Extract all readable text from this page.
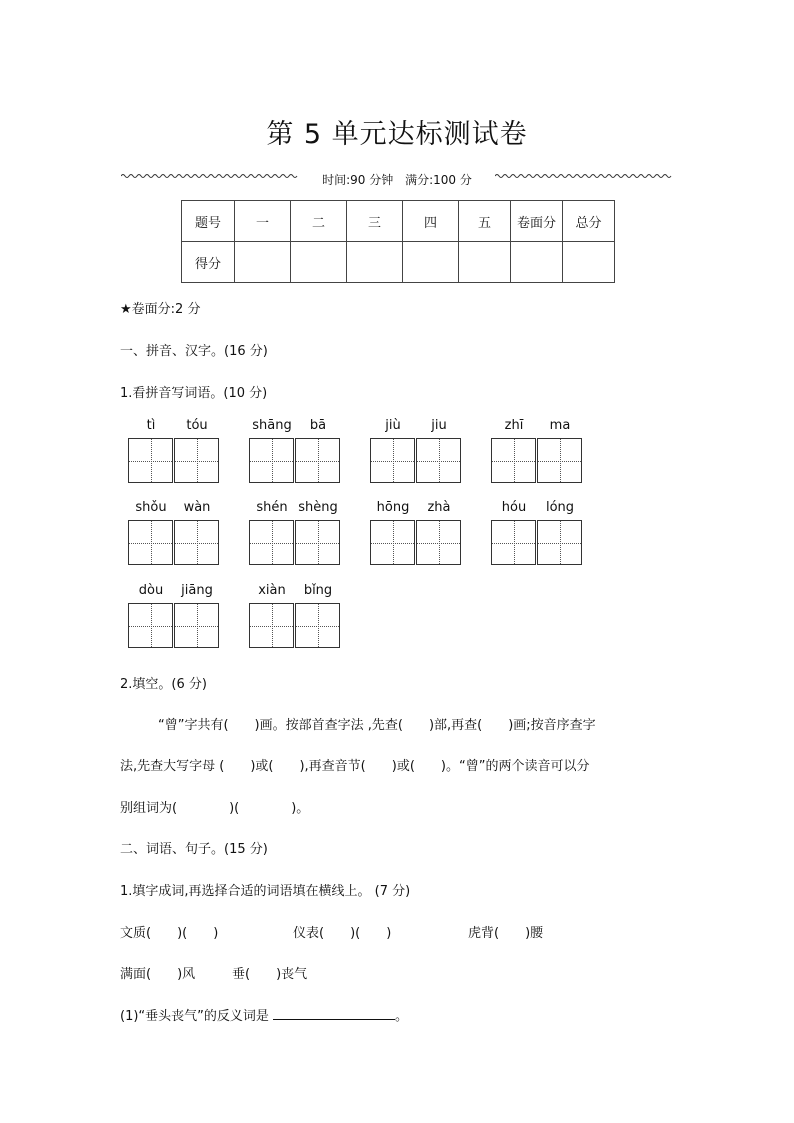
第 5 单元达标测试卷
时间:90 分钟 满分:100 分
题号	一	二	三	四	五	卷面分	总分
得分							
★卷面分:2 分
一、拼音、汉字。(16 分)
1.看拼音写词语。(10 分)
tì	tóu	shāng	bā	jiù	jiu	zhī	ma
shǒu	wàn	shén shèng	hōng	zhà	hóu	lóng
dòu	jiāng	xiàn	bǐng
2.填空。(6 分)
“曾”字共有(　　)画。按部首查字法 ,先查(　　)部,再查(　　)画;按音序查字
法,先查大写字母 (　　)或(　　),再查音节(　　)或(　　)。“曾”的两个读音可以分
别组词为(　　　　)(　　　　)。
二、词语、句子。(15 分)
1.填字成词,再选择合适的词语填在横线上。 (7 分)
文质(　　)(　　)	仪表(　　)(　　)	虎背(　　)腰
满面(　　)风	垂(　　)丧气
(1)“垂头丧气”的反义词是	。
